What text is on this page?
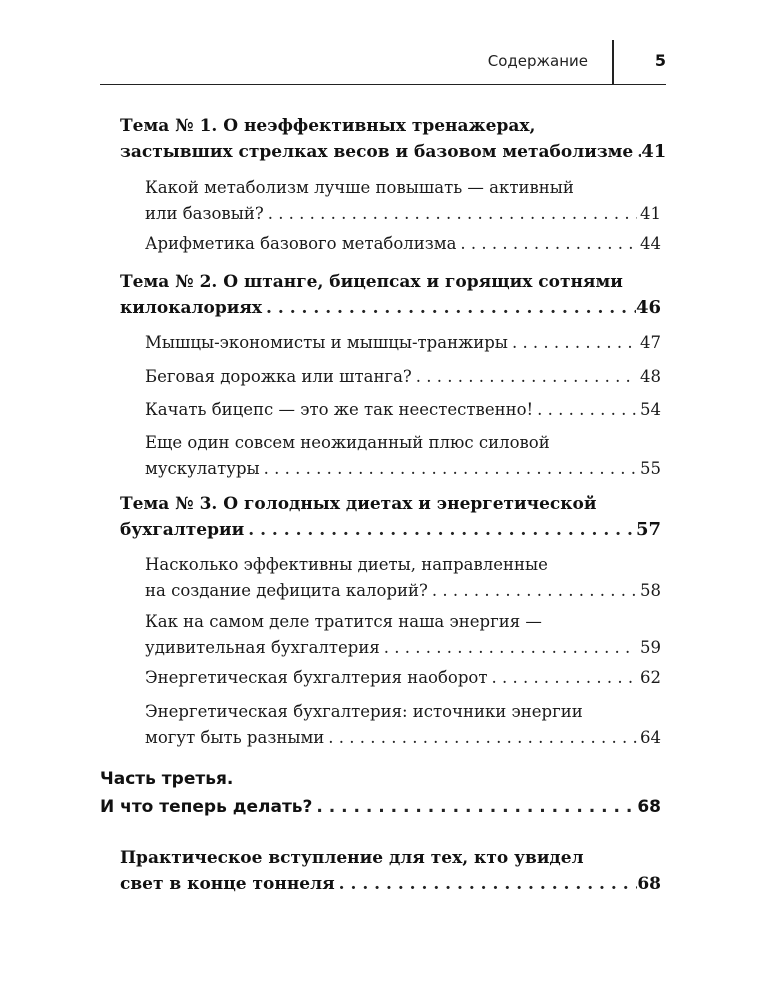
Содержание	5
Тема № 1. О неэффективных тренажерах,
застывших стрелках весов и базовом метаболизме . . . 41
Какой метаболизм лучше повышать — активный
или базовый? . . .	41
Арифметика базового метаболизма . . .	44
Тема № 2. О штанге, бицепсах и горящих сотнями
килокалориях . . .	46
Мышцы-экономисты и мышцы-транжиры . . .	47
Беговая дорожка или штанга? . . .	48
Качать бицепс — это же так неестественно! . . .	54
Еще один совсем неожиданный плюс силовой
мускулатуры . . .	55
Тема № 3. О голодных диетах и энергетической
бухгалтерии . . .	57
Насколько эффективны диеты, направленные
на создание дефицита калорий? . . .	58
Как на самом деле тратится наша энергия —
удивительная бухгалтерия . . .	59
Энергетическая бухгалтерия наоборот . . .	62
Энергетическая бухгалтерия: источники энергии
могут быть разными . . .	64
Часть третья.
И что теперь делать? . . .	68
Практическое вступление для тех, кто увидел
свет в конце тоннеля . . .	68
